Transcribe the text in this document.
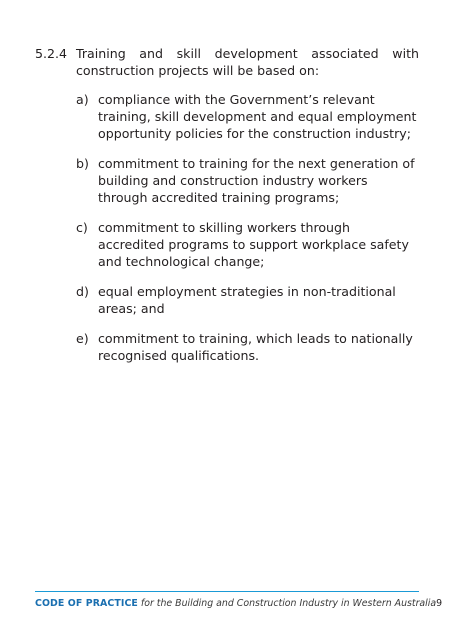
5.2.4 Training and skill development associated with construction projects will be based on:
a) compliance with the Government’s relevant training, skill development and equal employment opportunity policies for the construction industry;
b) commitment to training for the next generation of building and construction industry workers through accredited training programs;
c) commitment to skilling workers through accredited programs to support workplace safety and technological change;
d) equal employment strategies in non-traditional areas; and
e) commitment to training, which leads to nationally recognised qualifications.
CODE OF PRACTICE for the Building and Construction Industry in Western Australia 9
